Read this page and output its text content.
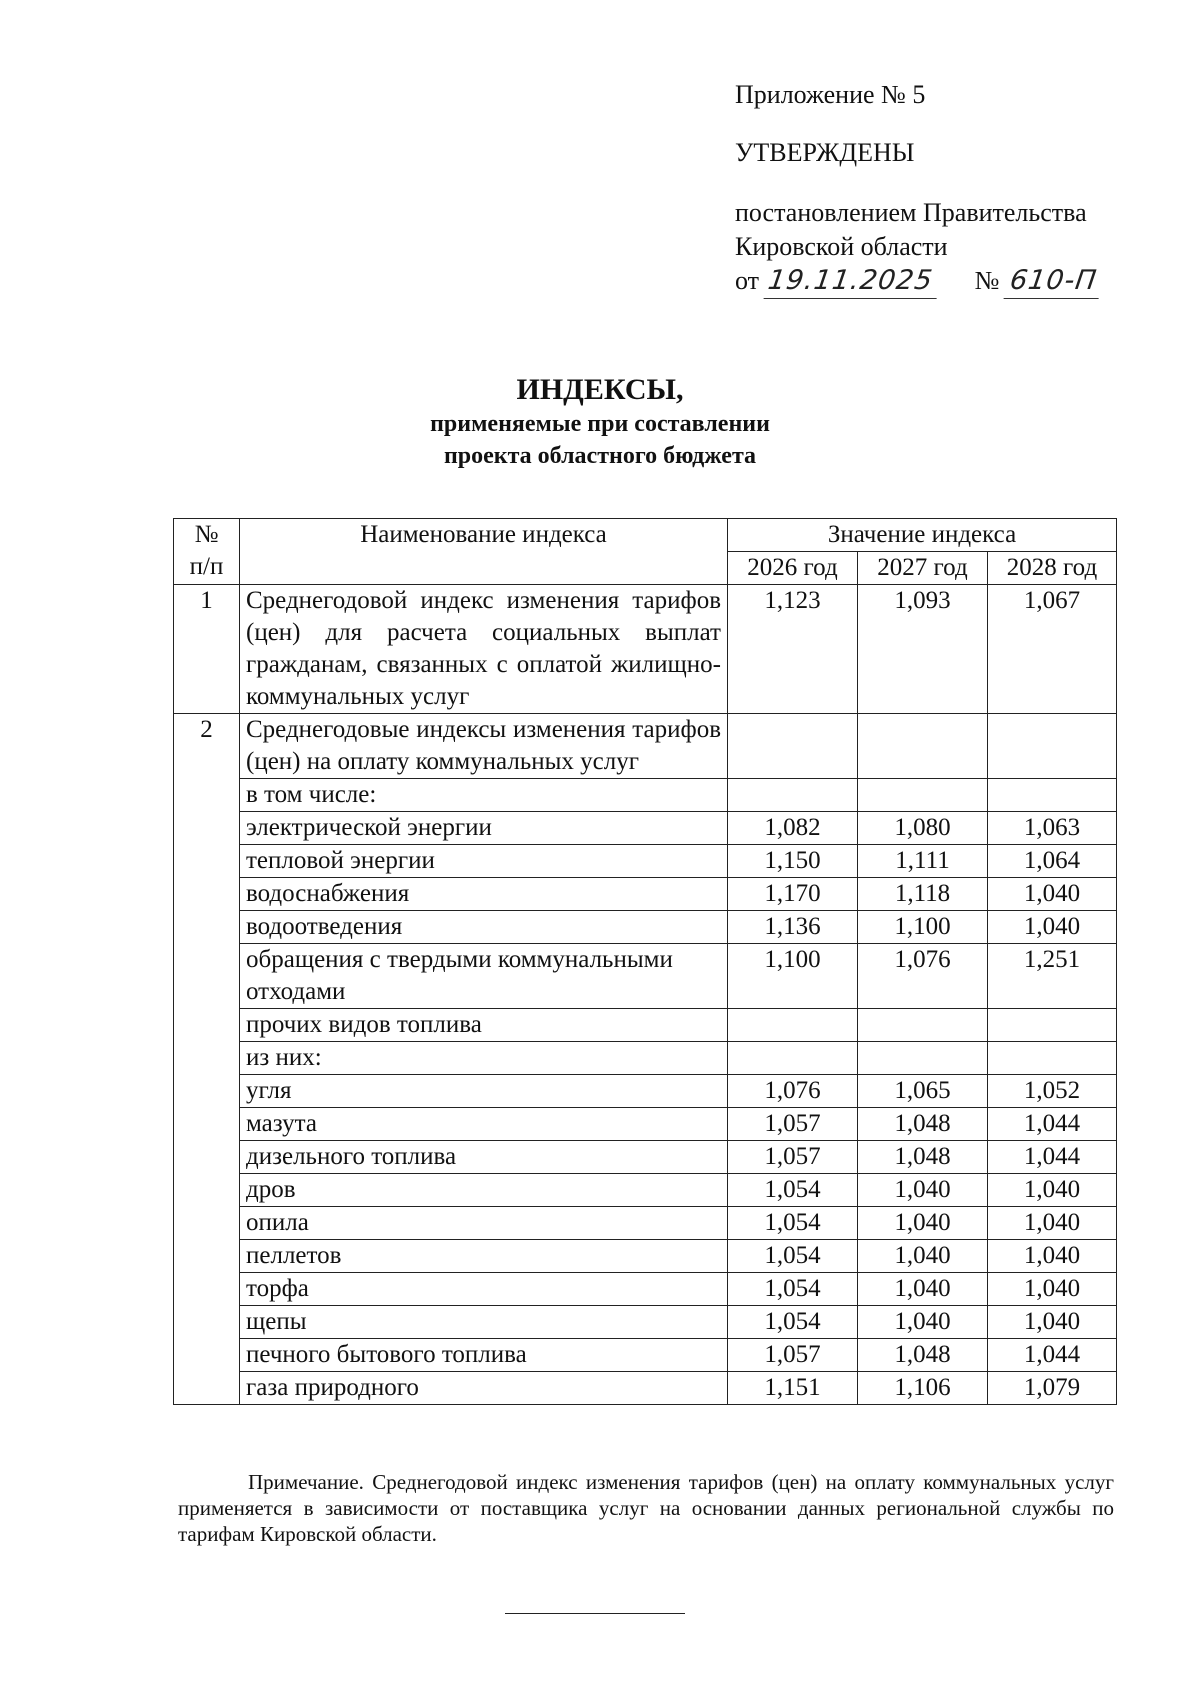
Приложение № 5
УТВЕРЖДЕНЫ
постановлением Правительства
Кировской области
от 19.11.2025 № 610-П
ИНДЕКСЫ,
применяемые при составлении
проекта областного бюджета
№ п/п	Наименование индекса	Значение индекса		
		2026 год	2027 год	2028 год
1	Среднегодовой индекс изменения тарифов (цен) для расчета социальных выплат гражданам, связанных с оплатой жилищно-коммунальных услуг	1,123	1,093	1,067
2	Среднегодовые индексы изменения тарифов (цен) на оплату коммунальных услуг			
	в том числе:			
	электрической энергии	1,082	1,080	1,063
	тепловой энергии	1,150	1,111	1,064
	водоснабжения	1,170	1,118	1,040
	водоотведения	1,136	1,100	1,040
	обращения с твердыми коммунальными отходами	1,100	1,076	1,251
	прочих видов топлива			
	из них:			
	угля	1,076	1,065	1,052
	мазута	1,057	1,048	1,044
	дизельного топлива	1,057	1,048	1,044
	дров	1,054	1,040	1,040
	опила	1,054	1,040	1,040
	пеллетов	1,054	1,040	1,040
	торфа	1,054	1,040	1,040
	щепы	1,054	1,040	1,040
	печного бытового топлива	1,057	1,048	1,044
	газа природного	1,151	1,106	1,079
Примечание. Среднегодовой индекс изменения тарифов (цен) на оплату коммунальных услуг применяется в зависимости от поставщика услуг на основании данных региональной службы по тарифам Кировской области.
